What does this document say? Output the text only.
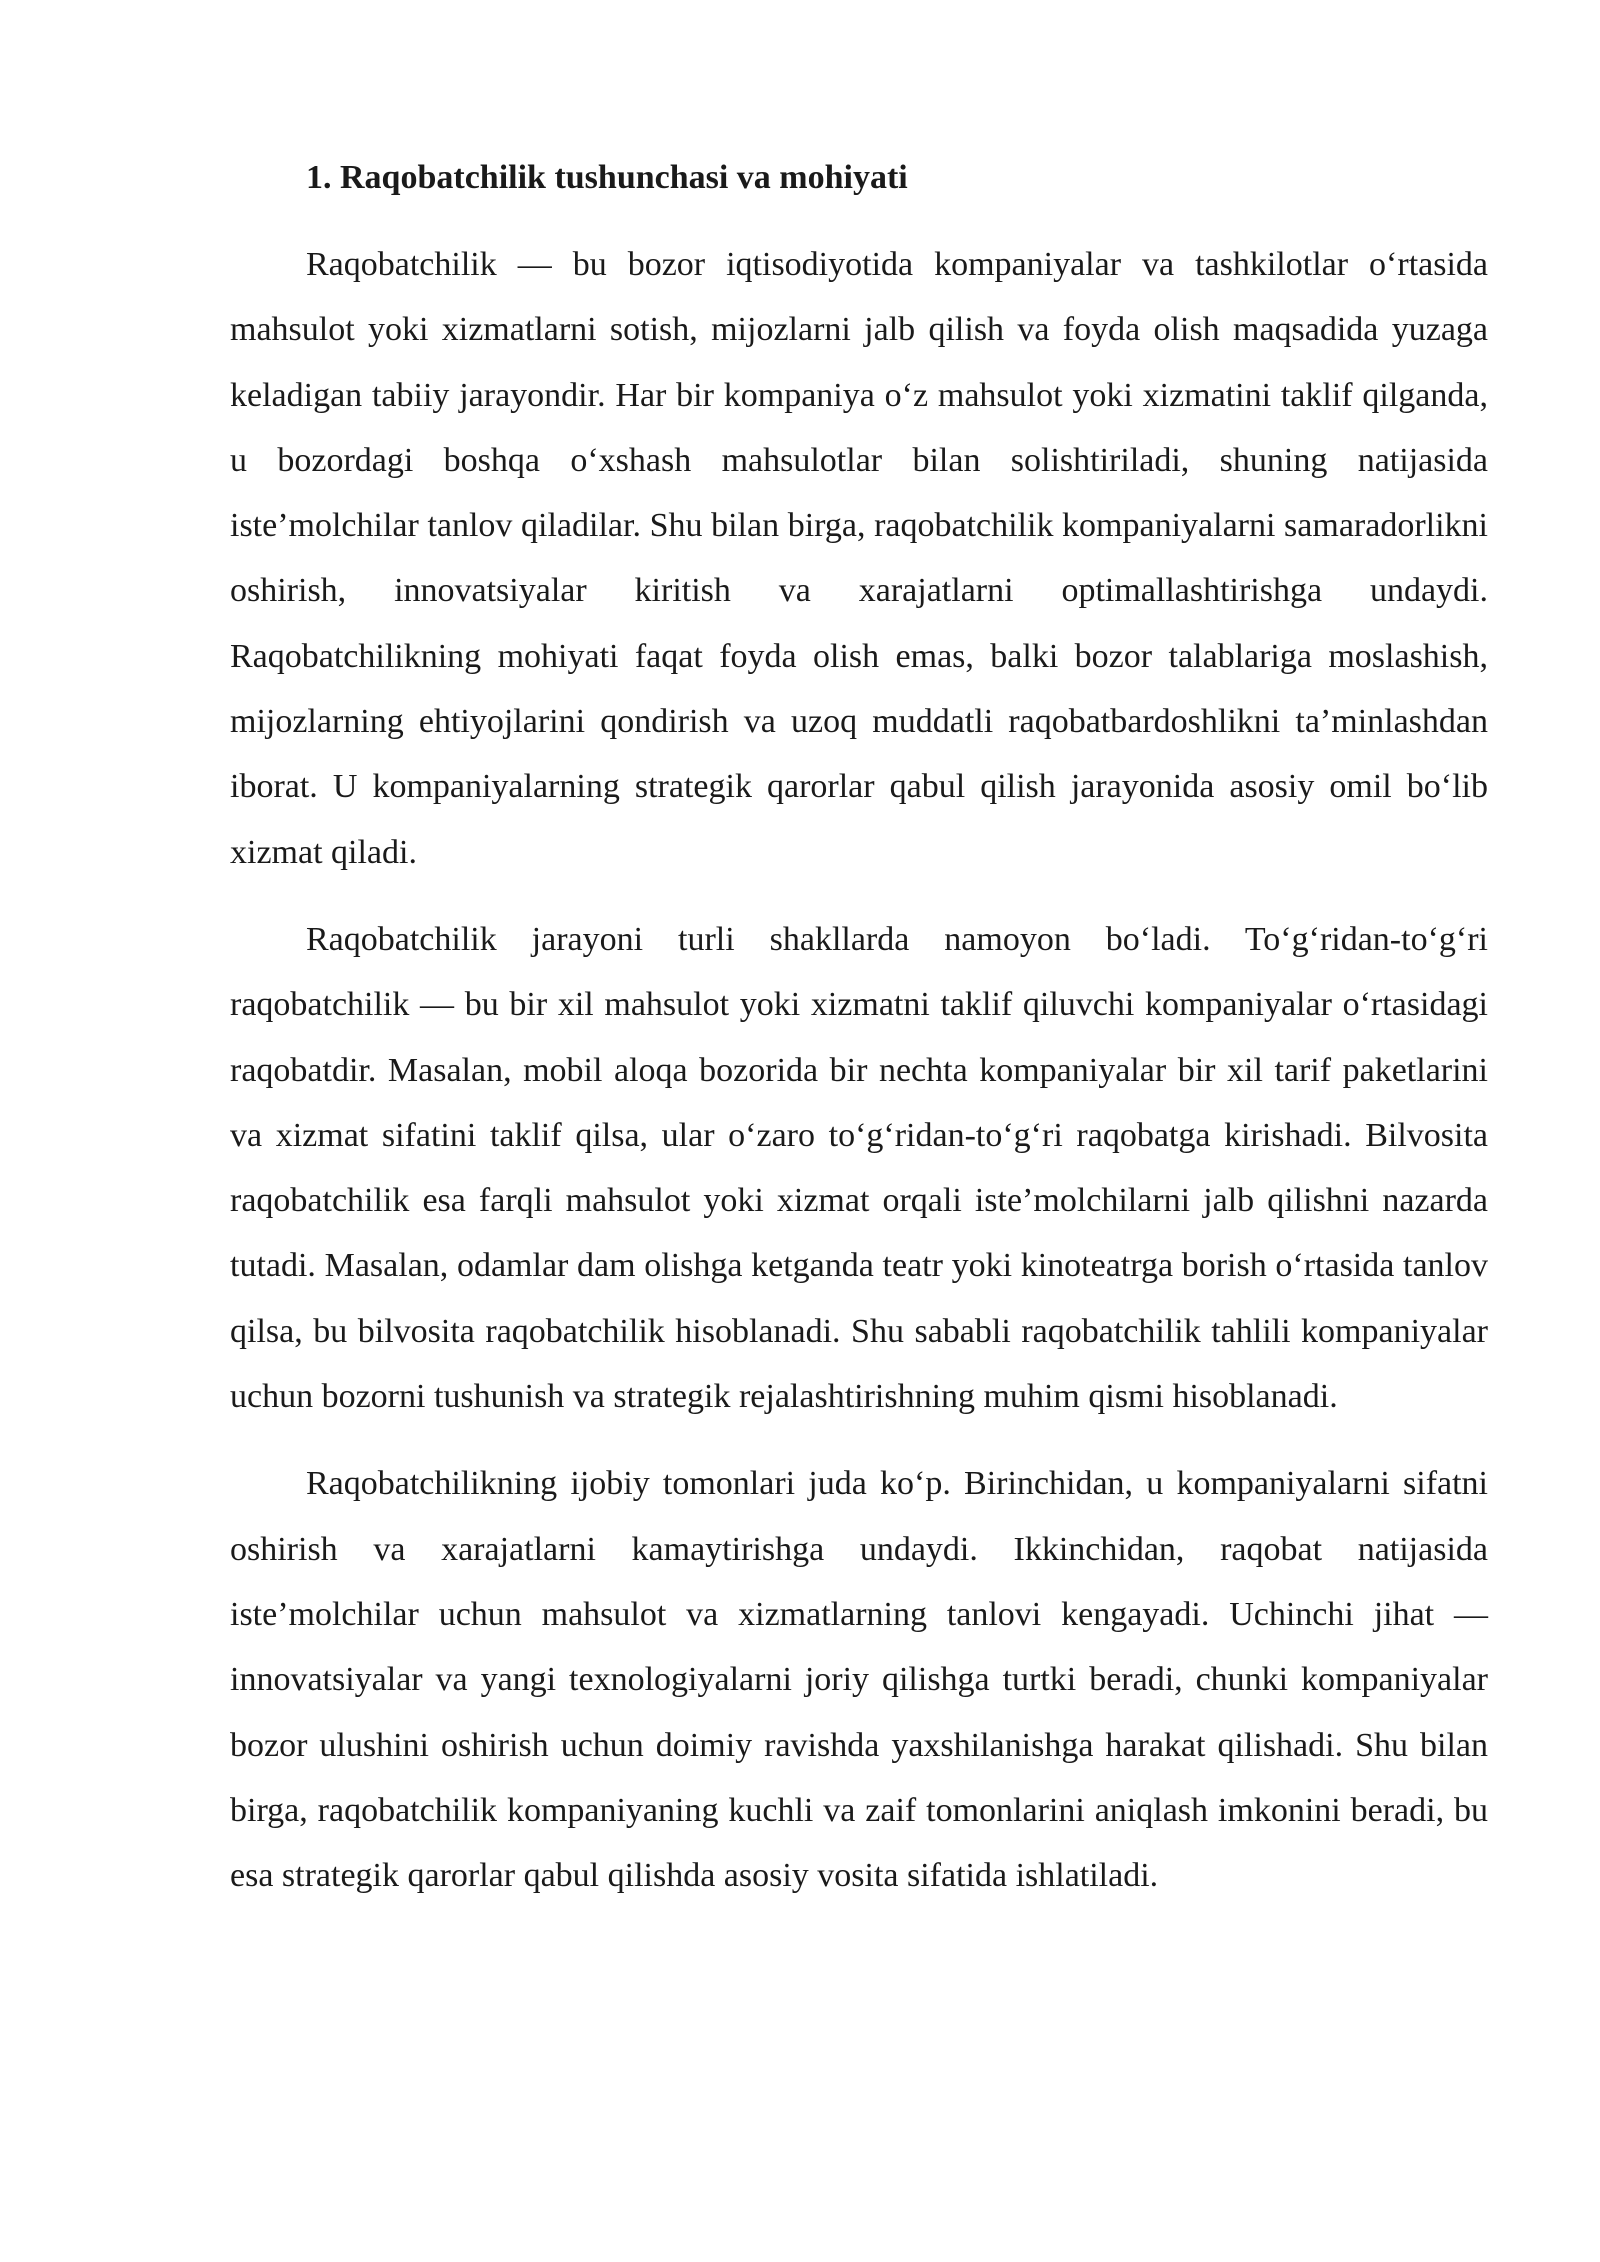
1. Raqobatchilik tushunchasi va mohiyati

Raqobatchilik — bu bozor iqtisodiyotida kompaniyalar va tashkilotlar o‘rtasida mahsulot yoki xizmatlarni sotish, mijozlarni jalb qilish va foyda olish maqsadida yuzaga keladigan tabiiy jarayondir. Har bir kompaniya o‘z mahsulot yoki xizmatini taklif qilganda, u bozordagi boshqa o‘xshash mahsulotlar bilan solishtiriladi, shuning natijasida iste’molchilar tanlov qiladilar. Shu bilan birga, raqobatchilik kompaniyalarni samaradorlikni oshirish, innovatsiyalar kiritish va xarajatlarni optimallashtirishga undaydi. Raqobatchilikning mohiyati faqat foyda olish emas, balki bozor talablariga moslashish, mijozlarning ehtiyojlarini qondirish va uzoq muddatli raqobatbardoshlikni ta’minlashdan iborat. U kompaniyalarning strategik qarorlar qabul qilish jarayonida asosiy omil bo‘lib xizmat qiladi.

Raqobatchilik jarayoni turli shakllarda namoyon bo‘ladi. To‘g‘ridan-to‘g‘ri raqobatchilik — bu bir xil mahsulot yoki xizmatni taklif qiluvchi kompaniyalar o‘rtasidagi raqobatdir. Masalan, mobil aloqa bozorida bir nechta kompaniyalar bir xil tarif paketlarini va xizmat sifatini taklif qilsa, ular o‘zaro to‘g‘ridan-to‘g‘ri raqobatga kirishadi. Bilvosita raqobatchilik esa farqli mahsulot yoki xizmat orqali iste’molchilarni jalb qilishni nazarda tutadi. Masalan, odamlar dam olishga ketganda teatr yoki kinoteatrga borish o‘rtasida tanlov qilsa, bu bilvosita raqobatchilik hisoblanadi. Shu sababli raqobatchilik tahlili kompaniyalar uchun bozorni tushunish va strategik rejalashtirishning muhim qismi hisoblanadi.

Raqobatchilikning ijobiy tomonlari juda ko‘p. Birinchidan, u kompaniyalarni sifatni oshirish va xarajatlarni kamaytirishga undaydi. Ikkinchidan, raqobat natijasida iste’molchilar uchun mahsulot va xizmatlarning tanlovi kengayadi. Uchinchi jihat — innovatsiyalar va yangi texnologiyalarni joriy qilishga turtki beradi, chunki kompaniyalar bozor ulushini oshirish uchun doimiy ravishda yaxshilanishga harakat qilishadi. Shu bilan birga, raqobatchilik kompaniyaning kuchli va zaif tomonlarini aniqlash imkonini beradi, bu esa strategik qarorlar qabul qilishda asosiy vosita sifatida ishlatiladi.
